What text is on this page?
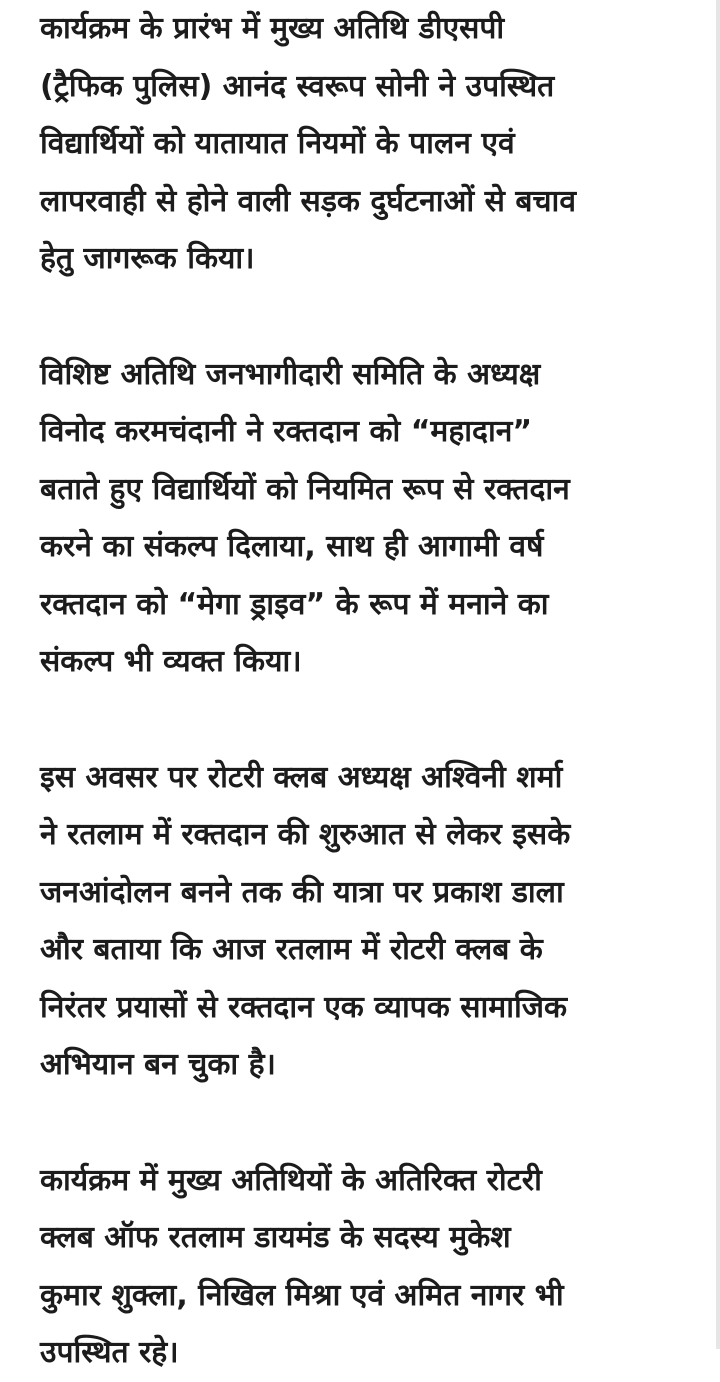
कार्यक्रम के प्रारंभ में मुख्य अतिथि डीएसपी
(ट्रैफिक पुलिस) आनंद स्वरूप सोनी ने उपस्थित
विद्यार्थियों को यातायात नियमों के पालन एवं
लापरवाही से होने वाली सड़क दुर्घटनाओं से बचाव
हेतु जागरूक किया।
विशिष्ट अतिथि जनभागीदारी समिति के अध्यक्ष
विनोद करमचंदानी ने रक्तदान को “महादान”
बताते हुए विद्यार्थियों को नियमित रूप से रक्तदान
करने का संकल्प दिलाया, साथ ही आगामी वर्ष
रक्तदान को “मेगा ड्राइव” के रूप में मनाने का
संकल्प भी व्यक्त किया।
इस अवसर पर रोटरी क्लब अध्यक्ष अश्विनी शर्मा
ने रतलाम में रक्तदान की शुरुआत से लेकर इसके
जनआंदोलन बनने तक की यात्रा पर प्रकाश डाला
और बताया कि आज रतलाम में रोटरी क्लब के
निरंतर प्रयासों से रक्तदान एक व्यापक सामाजिक
अभियान बन चुका है।
कार्यक्रम में मुख्य अतिथियों के अतिरिक्त रोटरी
क्लब ऑफ रतलाम डायमंड के सदस्य मुकेश
कुमार शुक्ला, निखिल मिश्रा एवं अमित नागर भी
उपस्थित रहे।
